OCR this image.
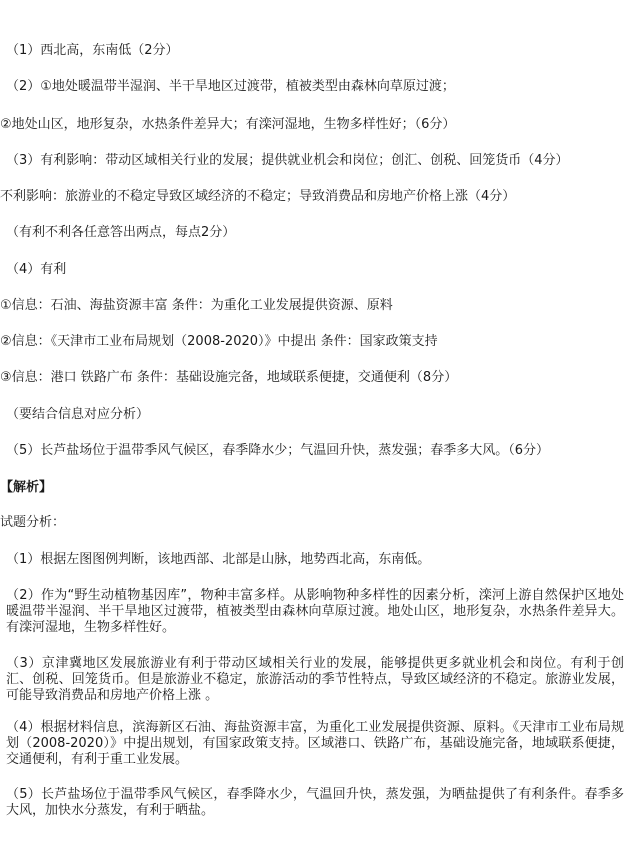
（1）西北高，东南低（2分）
（2）①地处暖温带半湿润、半干旱地区过渡带，植被类型由森林向草原过渡；
②地处山区，地形复杂，水热条件差异大；有滦河湿地，生物多样性好；（6分）
（3）有利影响：带动区域相关行业的发展；提供就业机会和岗位；创汇、创税、回笼货币（4分）
不利影响：旅游业的不稳定导致区域经济的不稳定；导致消费品和房地产价格上涨（4分）
（有利不利各任意答出两点，每点2分）
（4）有利
①信息：石油、海盐资源丰富 条件：为重化工业发展提供资源、原料
②信息：《天津市工业布局规划（2008-2020）》中提出 条件：国家政策支持
③信息：港口 铁路广布 条件：基础设施完备，地域联系便捷，交通便利（8分）
（要结合信息对应分析）
（5）长芦盐场位于温带季风气候区，春季降水少；气温回升快，蒸发强；春季多大风。（6分）
【解析】
试题分析：
（1）根据左图图例判断，该地西部、北部是山脉，地势西北高，东南低。
（2）作为“野生动植物基因库”，物种丰富多样。从影响物种多样性的因素分析，滦河上游自然保护区地处暖温带半湿润、半干旱地区过渡带，植被类型由森林向草原过渡。地处山区，地形复杂，水热条件差异大。有滦河湿地，生物多样性好。
（3）京津冀地区发展旅游业有利于带动区域相关行业的发展，能够提供更多就业机会和岗位。有利于创汇、创税、回笼货币。但是旅游业不稳定，旅游活动的季节性特点，导致区域经济的不稳定。旅游业发展，可能导致消费品和房地产价格上涨 。
（4）根据材料信息，滨海新区石油、海盐资源丰富，为重化工业发展提供资源、原料。《天津市工业布局规划（2008-2020）》中提出规划，有国家政策支持。区域港口、铁路广布，基础设施完备，地域联系便捷，交通便利，有利于重工业发展。
（5）长芦盐场位于温带季风气候区，春季降水少，气温回升快，蒸发强，为晒盐提供了有利条件。春季多大风，加快水分蒸发，有利于晒盐。
